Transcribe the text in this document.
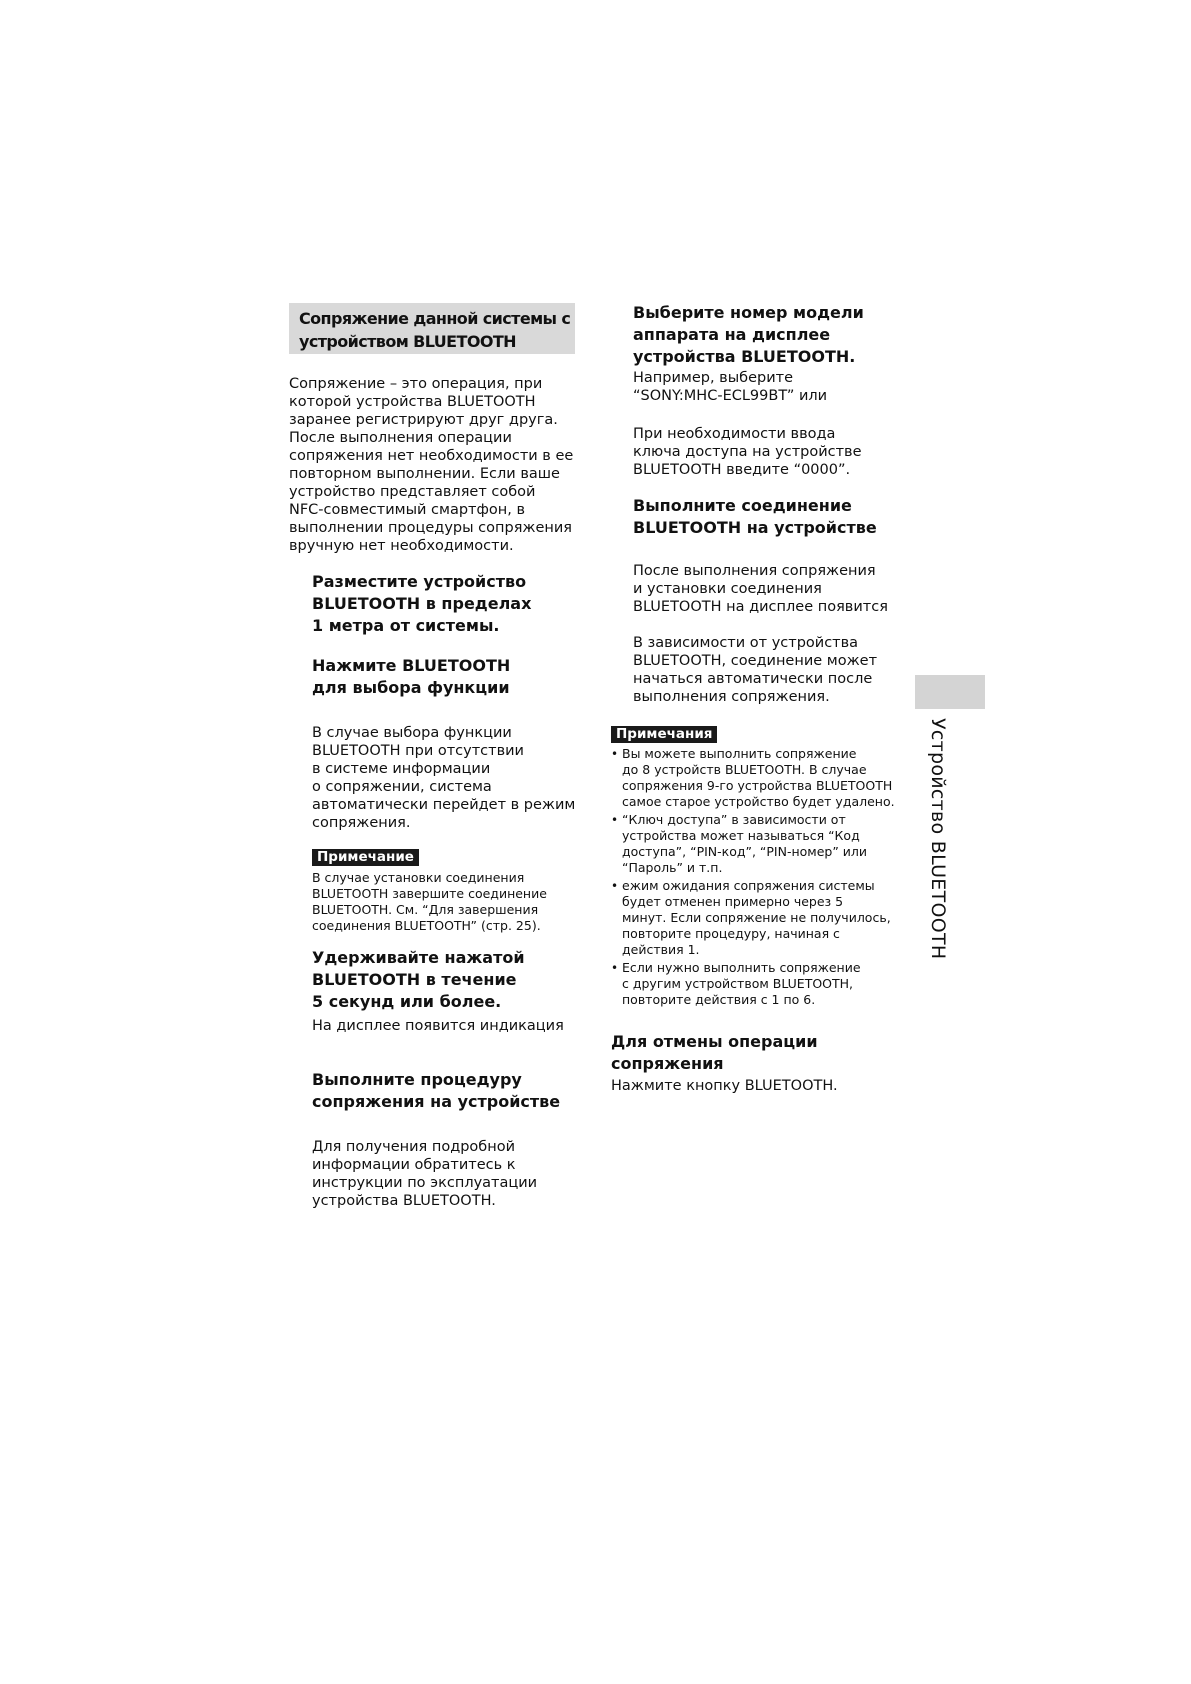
Сопряжение данной системы с
устройством BLUETOOTH
Сопряжение – это операция, при
которой устройства BLUETOOTH
заранее регистрируют друг друга.
После выполнения операции
сопряжения нет необходимости в ее
повторном выполнении. Если ваше
устройство представляет собой
NFC-совместимый смартфон, в
выполнении процедуры сопряжения
вручную нет необходимости.
Разместите устройство
BLUETOOTH в пределах
1 метра от системы.
Нажмите BLUETOOTH
для выбора функции
В случае выбора функции
BLUETOOTH при отсутствии
в системе информации
о сопряжении, система
автоматически перейдет в режим
сопряжения.
Примечание
В случае установки соединения
BLUETOOTH завершите соединение
BLUETOOTH. См. “Для завершения
соединения BLUETOOTH” (стр. 25).
Удерживайте нажатой
BLUETOOTH в течение
5 секунд или более.
На дисплее появится индикация
Выполните процедуру
сопряжения на устройстве
Для получения подробной
информации обратитесь к
инструкции по эксплуатации
устройства BLUETOOTH.
Выберите номер модели
аппарата на дисплее
устройства BLUETOOTH.
Например, выберите
“SONY:MHC-ECL99BT” или
При необходимости ввода
ключа доступа на устройстве
BLUETOOTH введите “0000”.
Выполните соединение
BLUETOOTH на устройстве
После выполнения сопряжения
и установки соединения
BLUETOOTH на дисплее появится
В зависимости от устройства
BLUETOOTH, соединение может
начаться автоматически после
выполнения сопряжения.
Примечания
• Вы можете выполнить сопряжение
до 8 устройств BLUETOOTH. В случае
сопряжения 9-го устройства BLUETOOTH
самое старое устройство будет удалено.
• “Ключ доступа” в зависимости от
устройства может называться “Код
доступа”, “PIN-код”, “PIN-номер” или
“Пароль” и т.п.
• ежим ожидания сопряжения системы
будет отменен примерно через 5
минут. Если сопряжение не получилось,
повторите процедуру, начиная с
действия 1.
• Если нужно выполнить сопряжение
с другим устройством BLUETOOTH,
повторите действия с 1 по 6.
Для отмены операции
сопряжения
Нажмите кнопку BLUETOOTH.
Устройство BLUETOOTH
